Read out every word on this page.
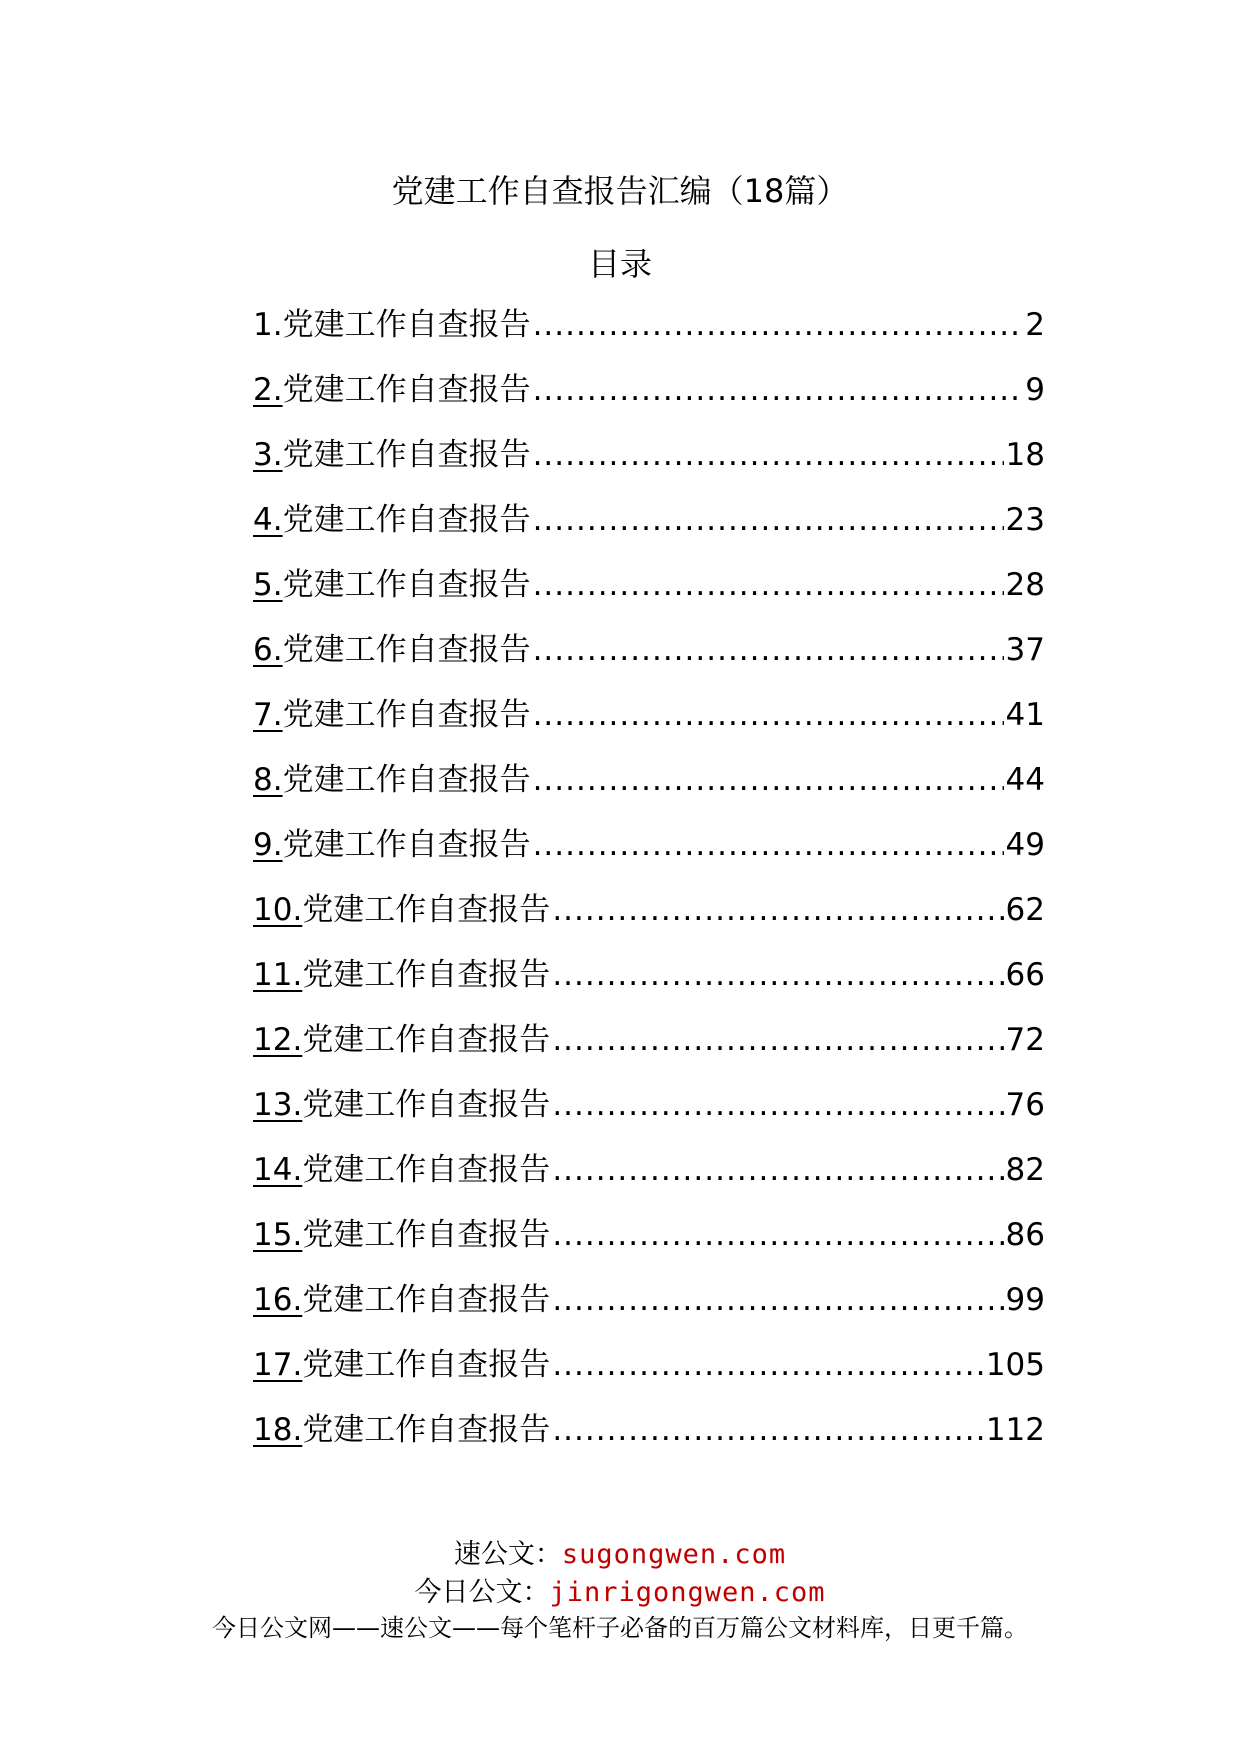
党建工作自查报告汇编（18篇）
目录
1. 党建工作自查报告 .....	2
2. 党建工作自查报告 .....	9
3. 党建工作自查报告 .....	18
4. 党建工作自查报告 .....	23
5. 党建工作自查报告 .....	28
6. 党建工作自查报告 .....	37
7. 党建工作自查报告 .....	41
8. 党建工作自查报告 .....	44
9. 党建工作自查报告 .....	49
10. 党建工作自查报告 .....	62
11. 党建工作自查报告 .....	66
12. 党建工作自查报告 .....	72
13. 党建工作自查报告 .....	76
14. 党建工作自查报告 .....	82
15. 党建工作自查报告 .....	86
16. 党建工作自查报告 .....	99
17. 党建工作自查报告 .....	105
18. 党建工作自查报告 .....	112
速公文：sugongwen.com
今日公文：jinrigongwen.com
今日公文网——速公文——每个笔杆子必备的百万篇公文材料库，日更千篇。
